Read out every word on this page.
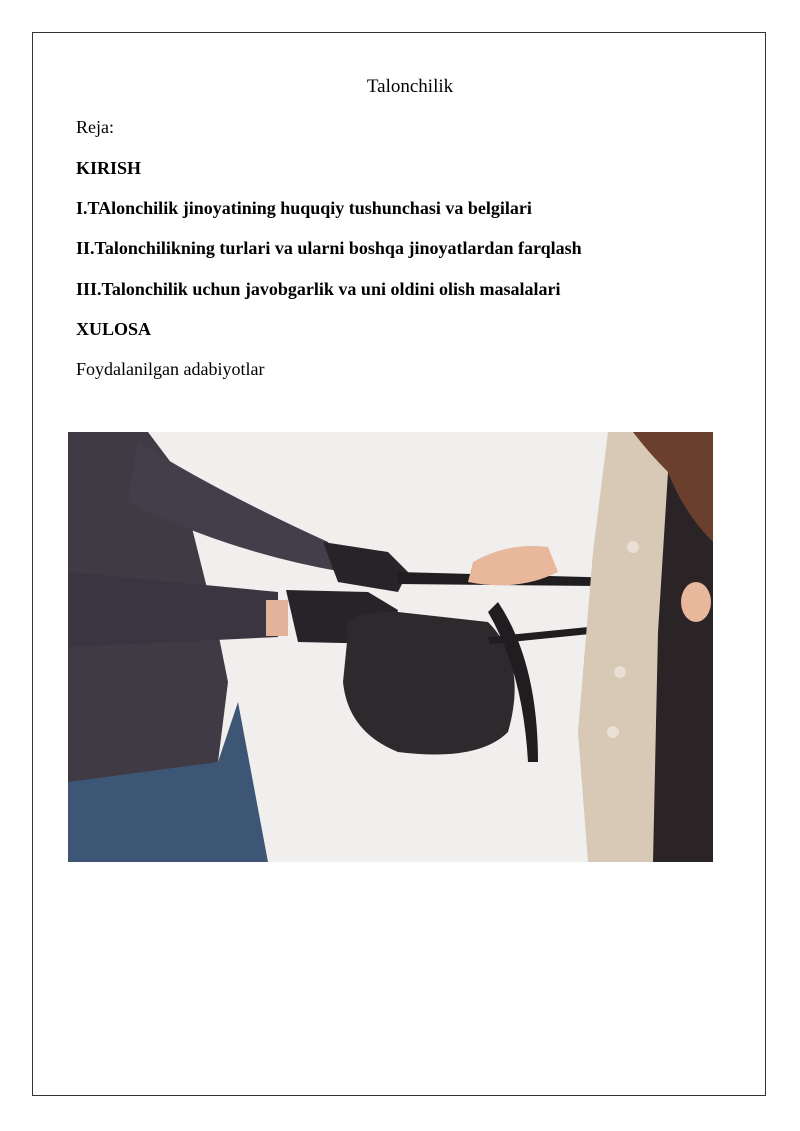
Talonchilik
Reja:
KIRISH
I.TAlonchilik jinoyatining huquqiy tushunchasi va belgilari
II.Talonchilikning turlari va ularni boshqa jinoyatlardan farqlash
III.Talonchilik uchun javobgarlik va uni oldini olish masalalari
XULOSA
Foydalanilgan adabiyotlar
